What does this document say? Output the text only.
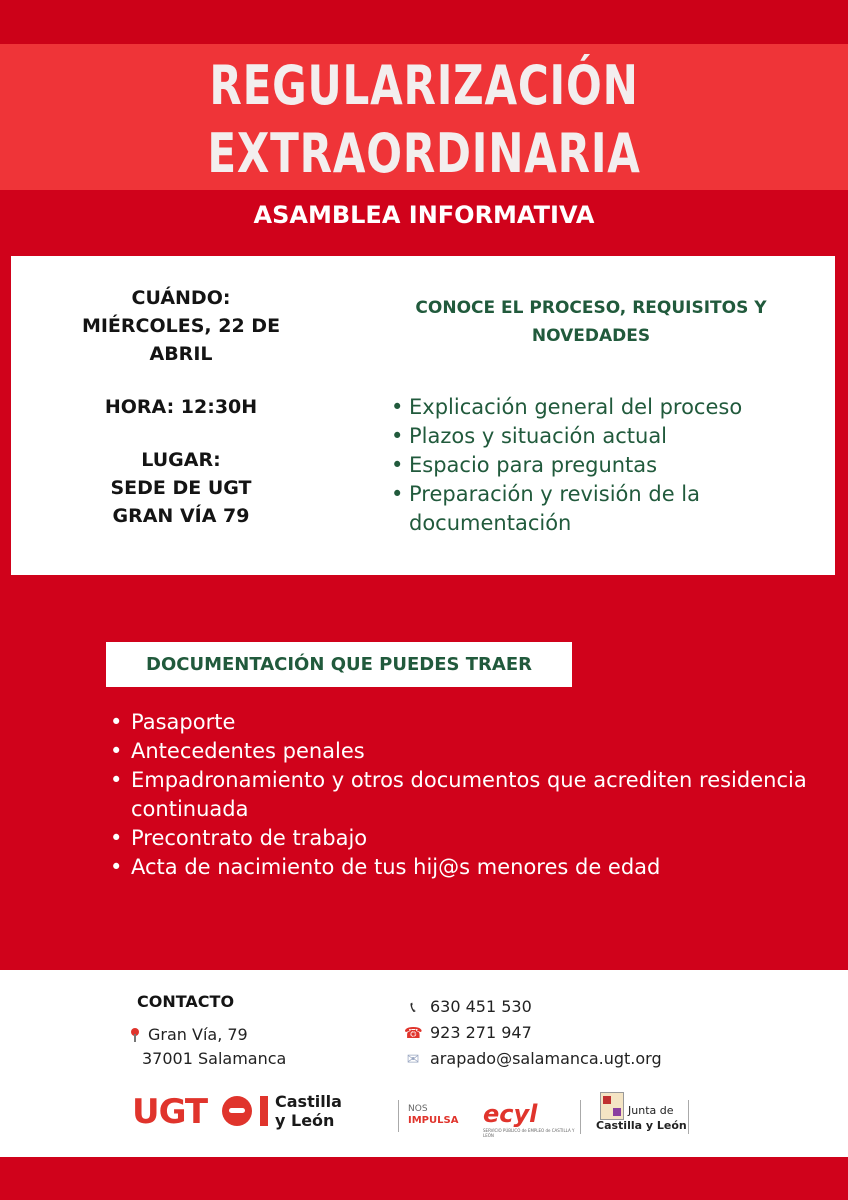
REGULARIZACIÓN
EXTRAORDINARIA
ASAMBLEA INFORMATIVA
CUÁNDO:
MIÉRCOLES, 22 DE
ABRIL
HORA: 12:30H
LUGAR:
SEDE DE UGT
GRAN VÍA 79
CONOCE EL PROCESO, REQUISITOS Y
NOVEDADES
• Explicación general del proceso
• Plazos y situación actual
• Espacio para preguntas
• Preparación y revisión de la documentación
DOCUMENTACIÓN QUE PUEDES TRAER
• Pasaporte
• Antecedentes penales
• Empadronamiento y otros documentos que acrediten residencia continuada
• Precontrato de trabajo
• Acta de nacimiento de tus hij@s menores de edad
CONTACTO
Gran Vía, 79
37001 Salamanca
📞︎ 630 451 530
☎ 923 271 947
✉ arapado@salamanca.ugt.org
UGT	Castilla
y León
NOS
IMPULSA ecyl
SERVICIO PÚBLICO de EMPLEO de CASTILLA Y LEÓN
Junta de
Castilla y León
